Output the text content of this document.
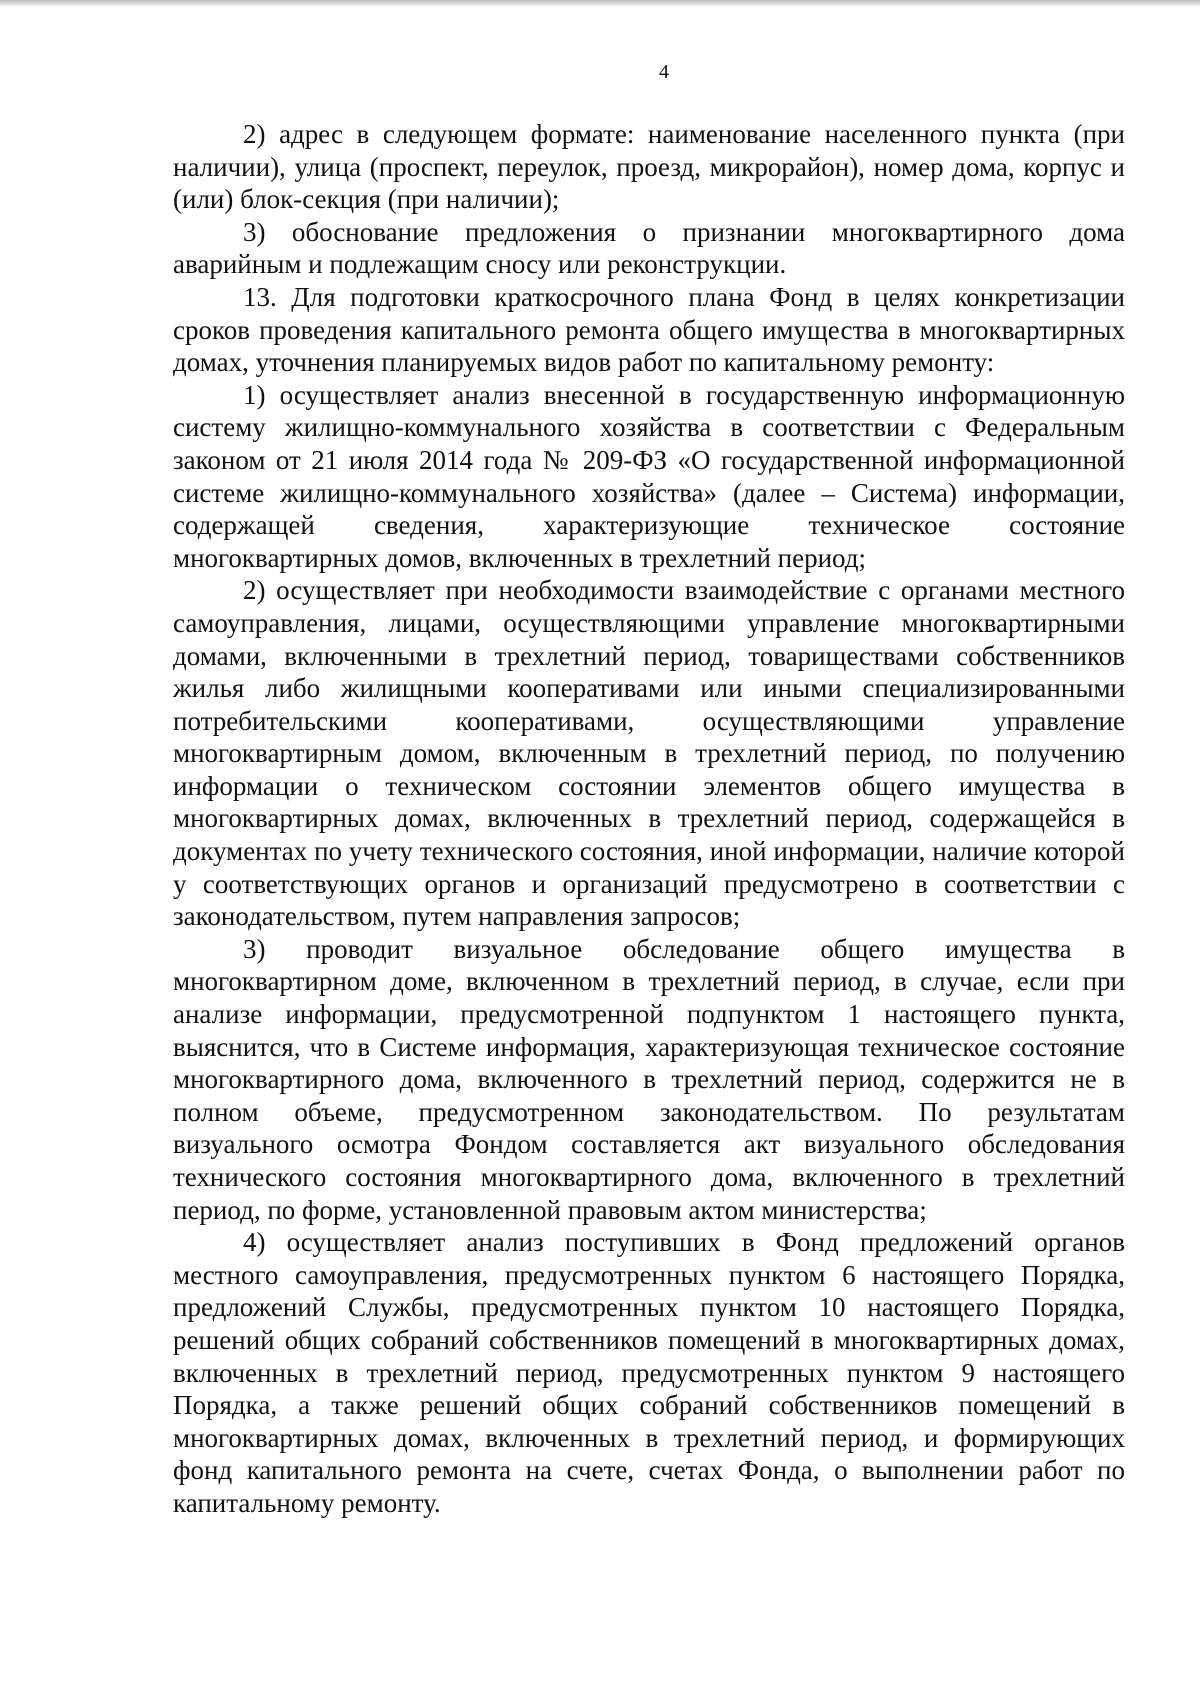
4

2) адрес в следующем формате: наименование населенного пункта (при наличии), улица (проспект, переулок, проезд, микрорайон), номер дома, корпус и (или) блок-секция (при наличии);

3) обоснование предложения о признании многоквартирного дома аварийным и подлежащим сносу или реконструкции.

13. Для подготовки краткосрочного плана Фонд в целях конкретизации сроков проведения капитального ремонта общего имущества в многоквартирных домах, уточнения планируемых видов работ по капитальному ремонту:

1) осуществляет анализ внесенной в государственную информационную систему жилищно-коммунального хозяйства в соответствии с Федеральным законом от 21 июля 2014 года № 209-ФЗ «О государственной информационной системе жилищно-коммунального хозяйства» (далее – Система) информации, содержащей сведения, характеризующие техническое состояние многоквартирных домов, включенных в трехлетний период;

2) осуществляет при необходимости взаимодействие с органами местного самоуправления, лицами, осуществляющими управление многоквартирными домами, включенными в трехлетний период, товариществами собственников жилья либо жилищными кооперативами или иными специализированными потребительскими кооперативами, осуществляющими управление многоквартирным домом, включенным в трехлетний период, по получению информации о техническом состоянии элементов общего имущества в многоквартирных домах, включенных в трехлетний период, содержащейся в документах по учету технического состояния, иной информации, наличие которой у соответствующих органов и организаций предусмотрено в соответствии с законодательством, путем направления запросов;

3) проводит визуальное обследование общего имущества в многоквартирном доме, включенном в трехлетний период, в случае, если при анализе информации, предусмотренной подпунктом 1 настоящего пункта, выяснится, что в Системе информация, характеризующая техническое состояние многоквартирного дома, включенного в трехлетний период, содержится не в полном объеме, предусмотренном законодательством. По результатам визуального осмотра Фондом составляется акт визуального обследования технического состояния многоквартирного дома, включенного в трехлетний период, по форме, установленной правовым актом министерства;

4) осуществляет анализ поступивших в Фонд предложений органов местного самоуправления, предусмотренных пунктом 6 настоящего Порядка, предложений Службы, предусмотренных пунктом 10 настоящего Порядка, решений общих собраний собственников помещений в многоквартирных домах, включенных в трехлетний период, предусмотренных пунктом 9 настоящего Порядка, а также решений общих собраний собственников помещений в многоквартирных домах, включенных в трехлетний период, и формирующих фонд капитального ремонта на счете, счетах Фонда, о выполнении работ по капитальному ремонту.
